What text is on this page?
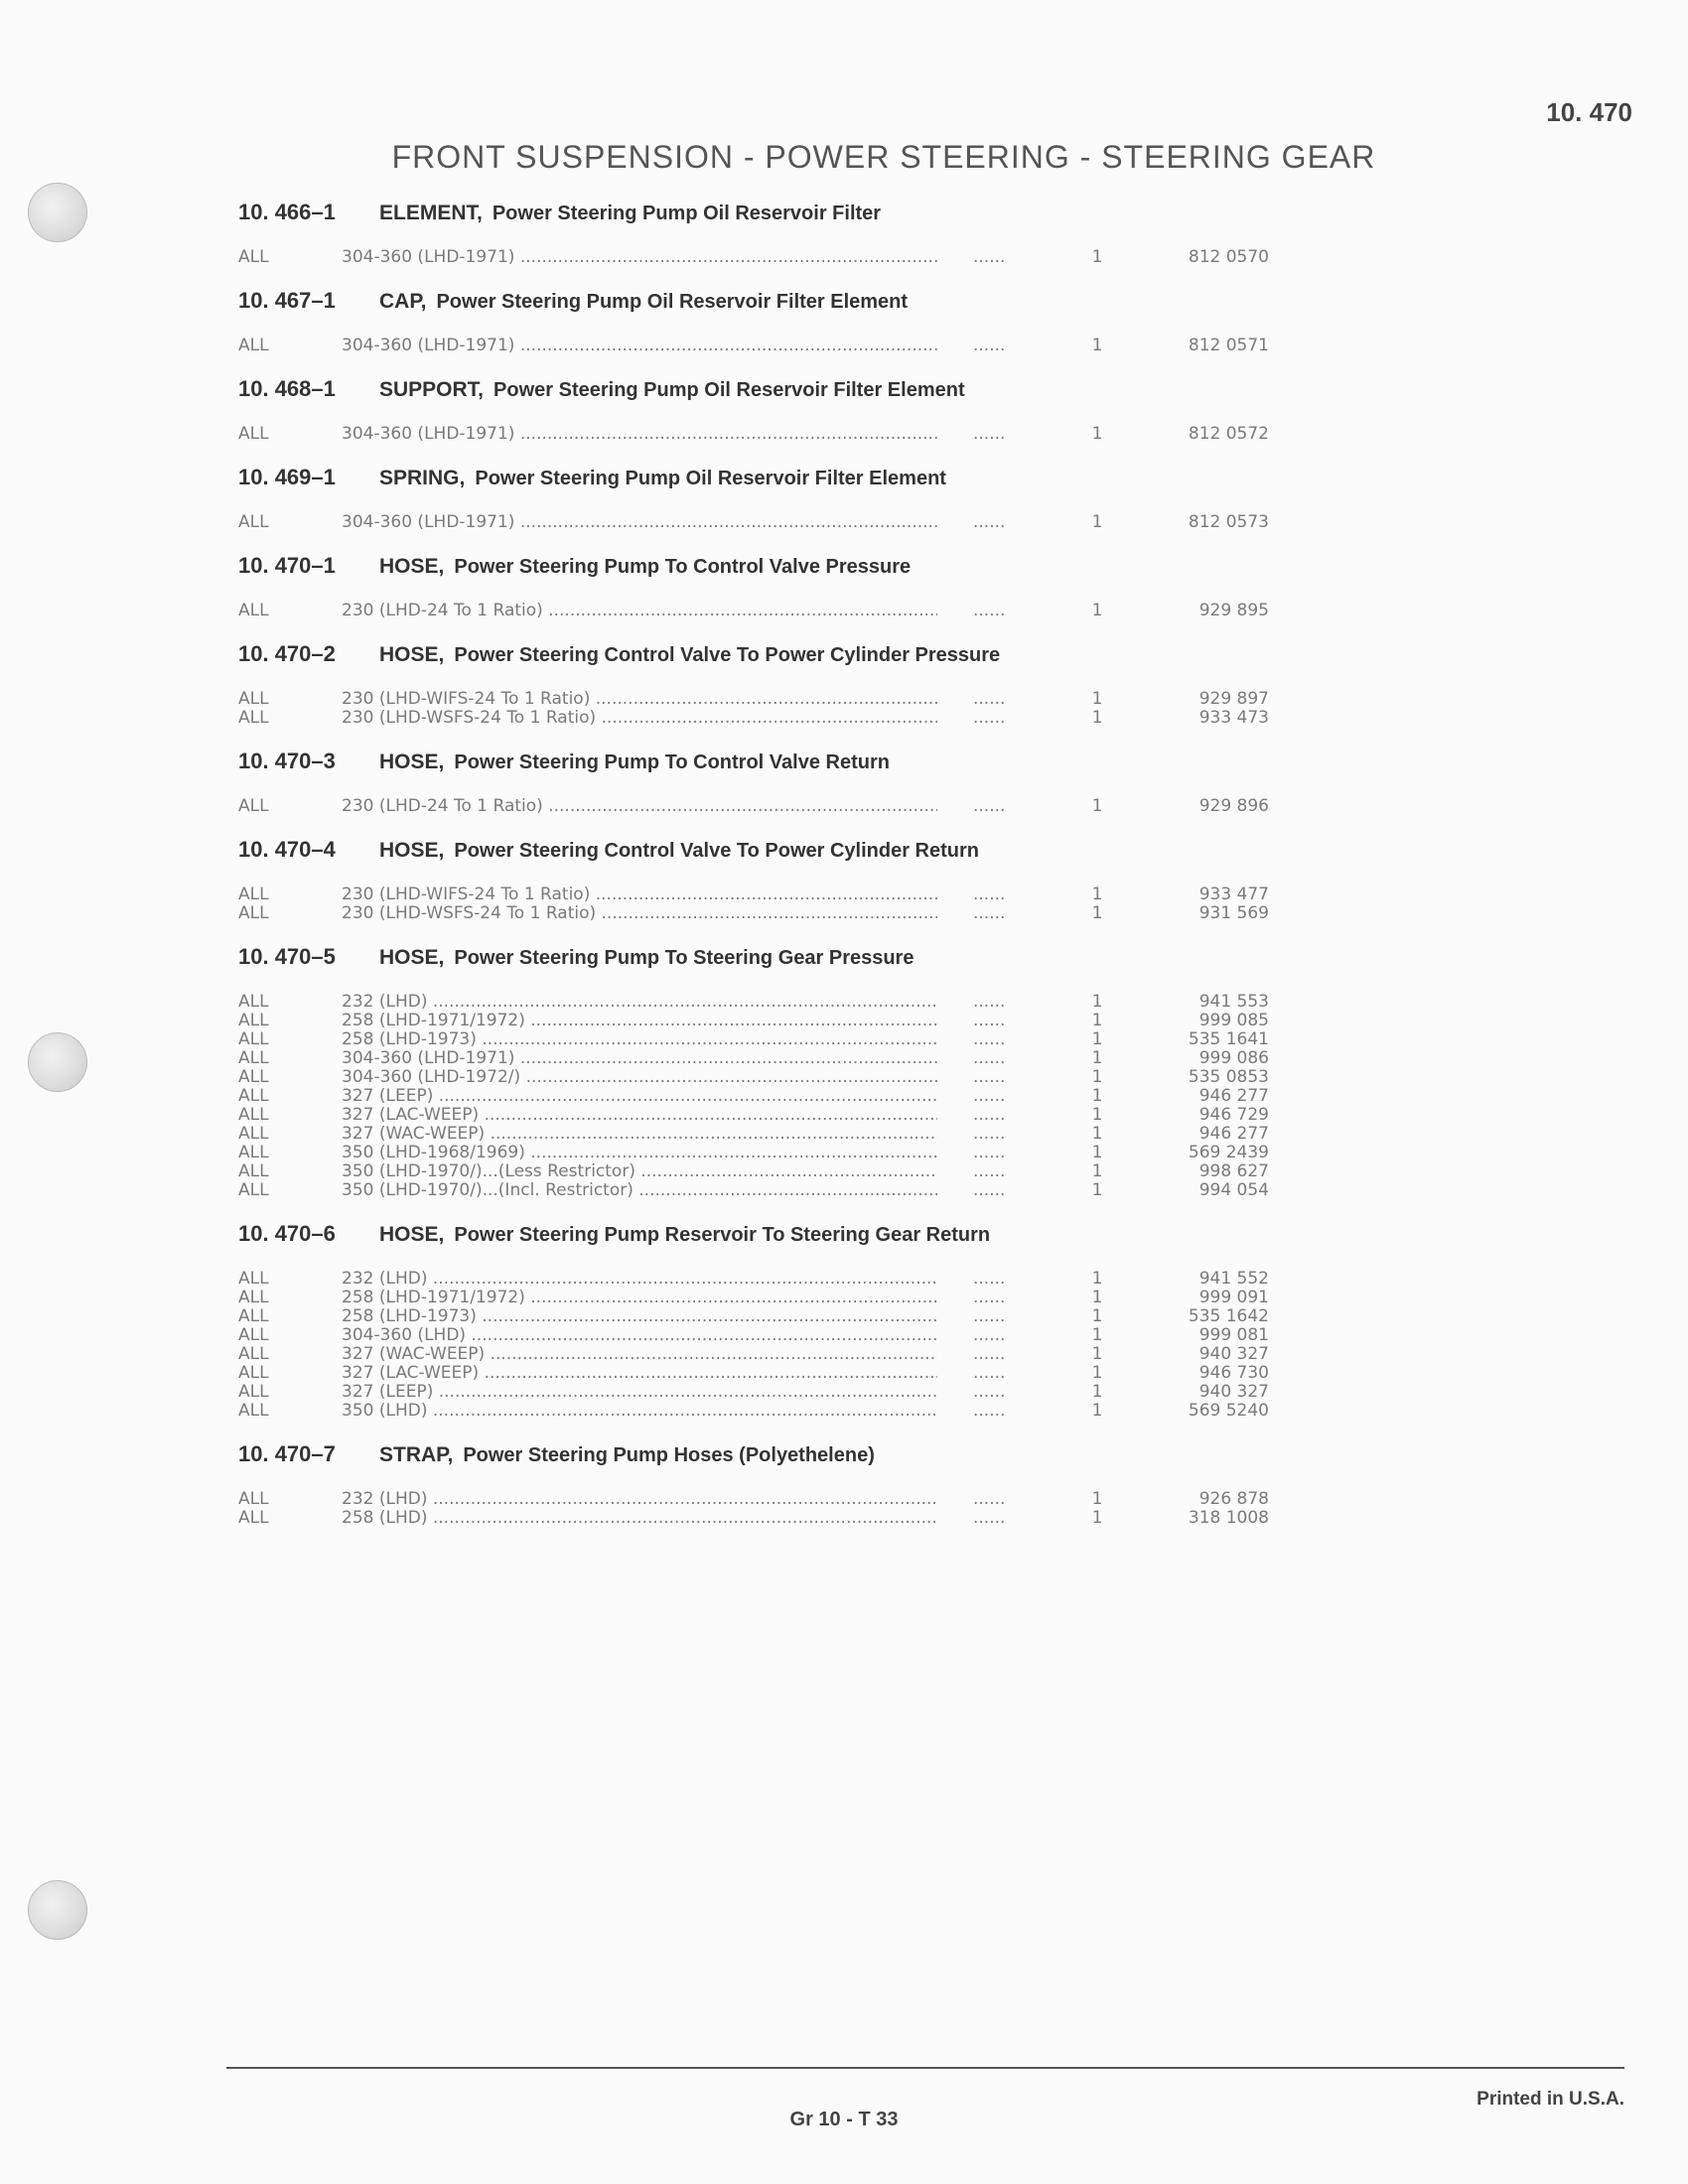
10. 470
FRONT SUSPENSION - POWER STEERING - STEERING GEAR
10. 466–1 ELEMENT, Power Steering Pump Oil Reservoir Filter
ALL	304-360 (LHD-1971) .....	......	1	812 0570
10. 467–1 CAP, Power Steering Pump Oil Reservoir Filter Element
ALL	304-360 (LHD-1971) .....	......	1	812 0571
10. 468–1 SUPPORT, Power Steering Pump Oil Reservoir Filter Element
ALL	304-360 (LHD-1971) .....	......	1	812 0572
10. 469–1 SPRING, Power Steering Pump Oil Reservoir Filter Element
ALL	304-360 (LHD-1971) .....	......	1	812 0573
10. 470–1 HOSE, Power Steering Pump To Control Valve Pressure
ALL	230 (LHD-24 To 1 Ratio) .....	......	1	929 895
10. 470–2 HOSE, Power Steering Control Valve To Power Cylinder Pressure
ALL	230 (LHD-WIFS-24 To 1 Ratio) .....	......	1	929 897
ALL	230 (LHD-WSFS-24 To 1 Ratio) .....	......	1	933 473
10. 470–3 HOSE, Power Steering Pump To Control Valve Return
ALL	230 (LHD-24 To 1 Ratio) .....	......	1	929 896
10. 470–4 HOSE, Power Steering Control Valve To Power Cylinder Return
ALL	230 (LHD-WIFS-24 To 1 Ratio) .....	......	1	933 477
ALL	230 (LHD-WSFS-24 To 1 Ratio) .....	......	1	931 569
10. 470–5 HOSE, Power Steering Pump To Steering Gear Pressure
ALL	232 (LHD) .....	......	1	941 553
ALL	258 (LHD-1971/1972) .....	......	1	999 085
ALL	258 (LHD-1973) .....	......	1	535 1641
ALL	304-360 (LHD-1971) .....	......	1	999 086
ALL	304-360 (LHD-1972/) .....	......	1	535 0853
ALL	327 (LEEP) .....	......	1	946 277
ALL	327 (LAC-WEEP) .....	......	1	946 729
ALL	327 (WAC-WEEP) .....	......	1	946 277
ALL	350 (LHD-1968/1969) .....	......	1	569 2439
ALL	350 (LHD-1970/)...(Less Restrictor) .....	......	1	998 627
ALL	350 (LHD-1970/)...(Incl. Restrictor) .....	......	1	994 054
10. 470–6 HOSE, Power Steering Pump Reservoir To Steering Gear Return
ALL	232 (LHD) .....	......	1	941 552
ALL	258 (LHD-1971/1972) .....	......	1	999 091
ALL	258 (LHD-1973) .....	......	1	535 1642
ALL	304-360 (LHD) .....	......	1	999 081
ALL	327 (WAC-WEEP) .....	......	1	940 327
ALL	327 (LAC-WEEP) .....	......	1	946 730
ALL	327 (LEEP) .....	......	1	940 327
ALL	350 (LHD) .....	......	1	569 5240
10. 470–7 STRAP, Power Steering Pump Hoses (Polyethelene)
ALL	232 (LHD) .....	......	1	926 878
ALL	258 (LHD) .....	......	1	318 1008
Printed in U.S.A.
Gr 10 - T 33
